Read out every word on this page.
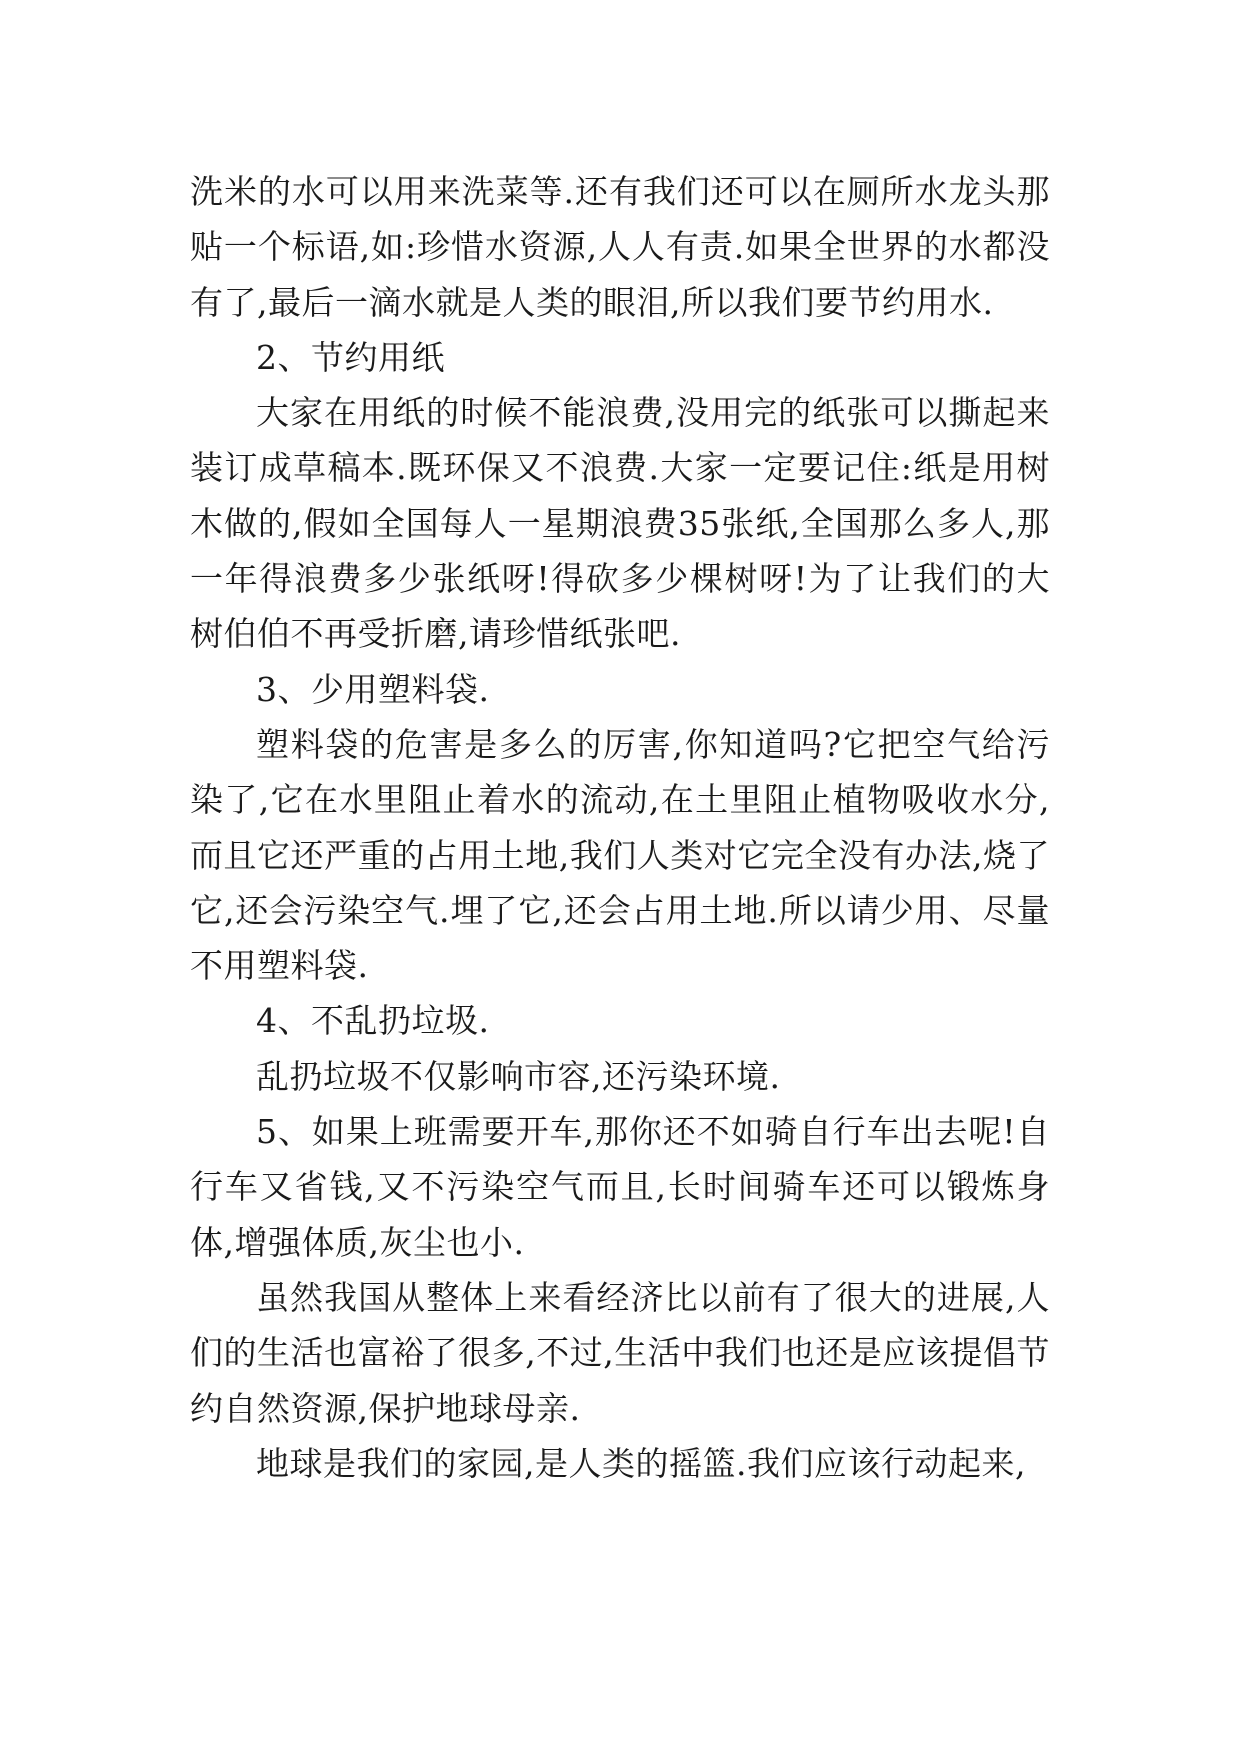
洗米的水可以用来洗菜等.还有我们还可以在厕所水龙头那贴一个标语,如:珍惜水资源,人人有责.如果全世界的水都没有了,最后一滴水就是人类的眼泪,所以我们要节约用水.

2、节约用纸

大家在用纸的时候不能浪费,没用完的纸张可以撕起来装订成草稿本.既环保又不浪费.大家一定要记住:纸是用树木做的,假如全国每人一星期浪费35张纸,全国那么多人,那一年得浪费多少张纸呀!得砍多少棵树呀!为了让我们的大树伯伯不再受折磨,请珍惜纸张吧.

3、少用塑料袋.

塑料袋的危害是多么的厉害,你知道吗?它把空气给污染了,它在水里阻止着水的流动,在土里阻止植物吸收水分,而且它还严重的占用土地,我们人类对它完全没有办法,烧了它,还会污染空气.埋了它,还会占用土地.所以请少用、尽量不用塑料袋.

4、不乱扔垃圾.

乱扔垃圾不仅影响市容,还污染环境.

5、如果上班需要开车,那你还不如骑自行车出去呢!自行车又省钱,又不污染空气而且,长时间骑车还可以锻炼身体,增强体质,灰尘也小.

虽然我国从整体上来看经济比以前有了很大的进展,人们的生活也富裕了很多,不过,生活中我们也还是应该提倡节约自然资源,保护地球母亲.

地球是我们的家园,是人类的摇篮.我们应该行动起来,
